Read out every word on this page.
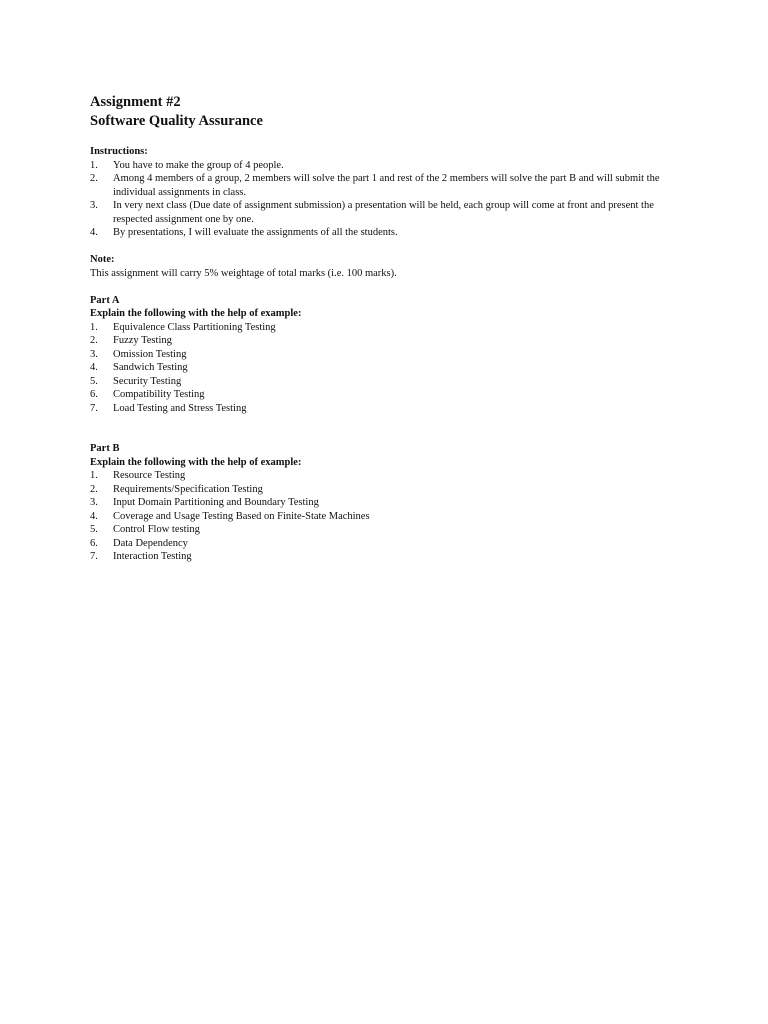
Assignment #2

Software Quality Assurance

Instructions:

1.	You have to make the group of 4 people.
2.	Among 4 members of a group, 2 members will solve the part 1 and rest of the 2 members will solve the part B and will submit the individual assignments in class.
3.	In very next class (Due date of assignment submission) a presentation will be held, each group will come at front and present the respected assignment one by one.
4.	By presentations, I will evaluate the assignments of all the students.

Note:

This assignment will carry 5% weightage of total marks (i.e. 100 marks).

Part A

Explain the following with the help of example:

1.	Equivalence Class Partitioning Testing
2.	Fuzzy Testing
3.	Omission Testing
4.	Sandwich Testing
5.	Security Testing
6.	Compatibility Testing
7.	Load Testing and Stress Testing

Part B

Explain the following with the help of example:

1.	Resource Testing
2.	Requirements/Specification Testing
3.	Input Domain Partitioning and Boundary Testing
4.	Coverage and Usage Testing Based on Finite-State Machines
5.	Control Flow testing
6.	Data Dependency
7.	Interaction Testing
